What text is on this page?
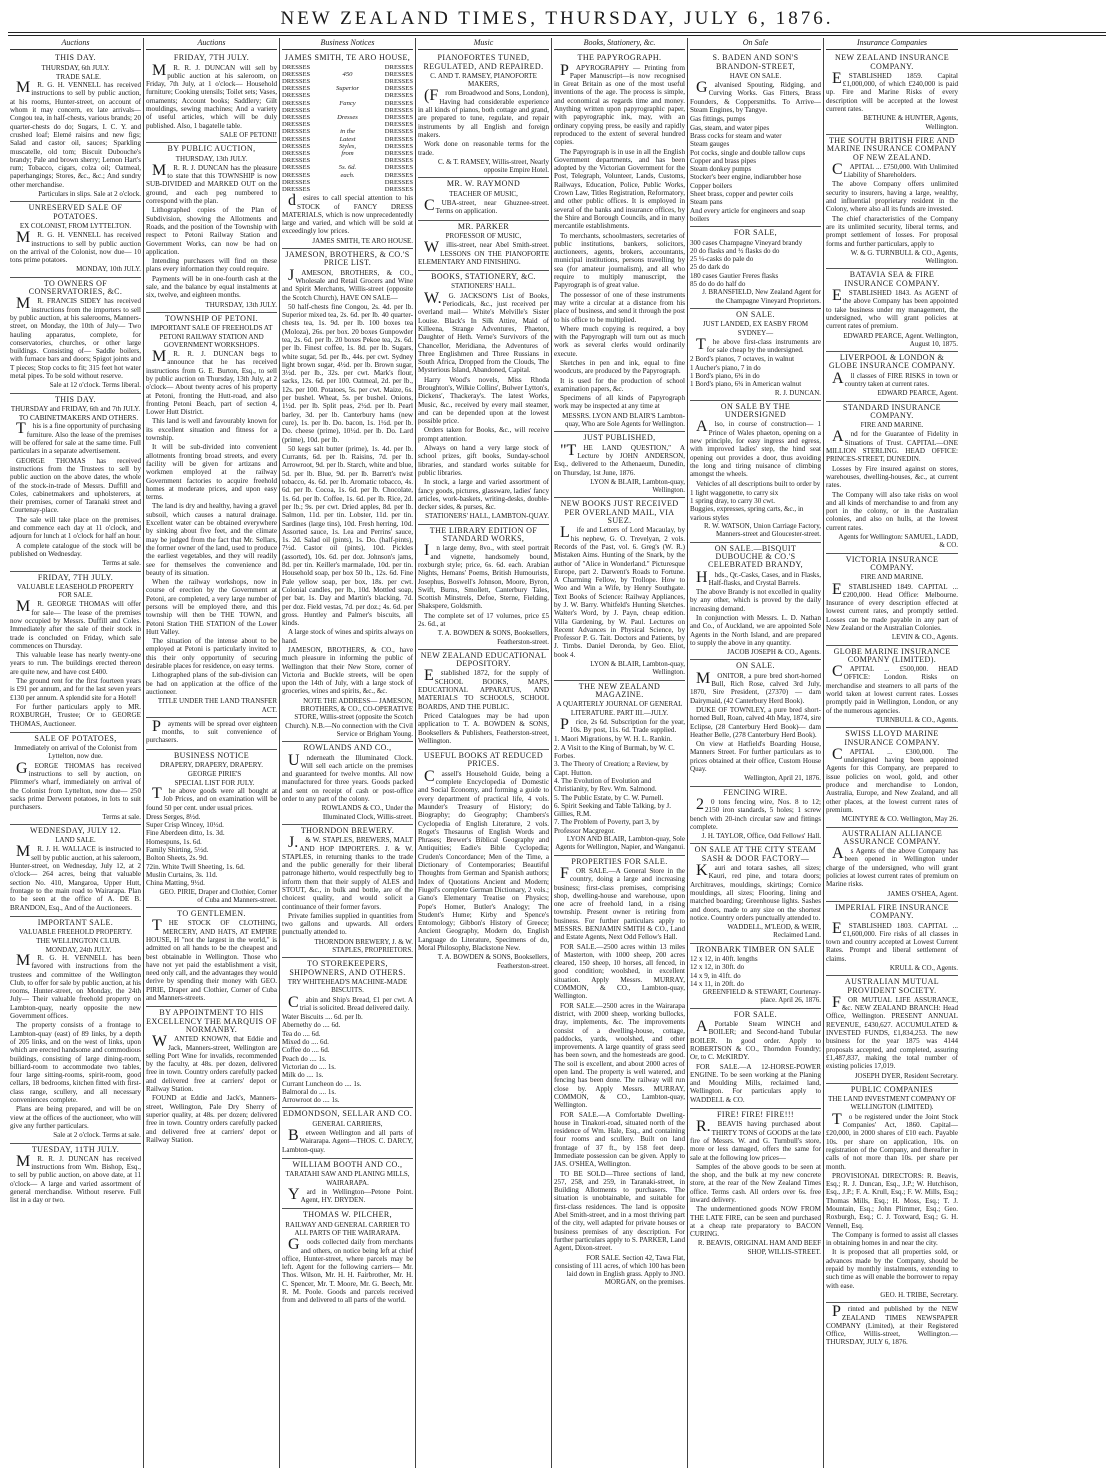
NEW ZEALAND TIMES, THURSDAY, JULY 6, 1876.
Auctions
THIS DAY.
THURSDAY, 6th JULY.

TRADE SALE.

MR. G. H. VENNELL has received instructions to sell by public auction, at his rooms, Hunter-street, on account of whom it may concern, ex late arrivals— Congou tea, in half-chests, various brands; 20 quarter-chests do do; Sugars, I. C. Y. and crushed loaf; Elemé raisins and new figs; Salad and castor oil, sauces; Sparkling muscatelle, old tom; Biscuit Dubouche's brandy; Pale and brown sherry; Lemon Hart's rum; Tobacco, cigars, colza oil; Oatmeal, paperhangings; Stores, &c., &c.; And sundry other merchandise.

Particulars in slips. Sale at 2 o'clock.

UNRESERVED SALE OF POTATOES.
EX COLONIST, FROM LYTTELTON.

MR. G. H. VENNELL has received instructions to sell by public auction on the arrival of the Colonist, now due— 10 tons prime potatoes.

MONDAY, 10th JULY.

TO OWNERS OF CONSERVATORIES, &C.

MR. FRANCIS SIDEY has received instructions from the importers to sell by public auction, at his salerooms, Manners-street, on Monday, the 10th of July— Two hauling apparatus, complete, for conservatories, churches, or other large buildings. Consisting of— Saddle boilers, with furnace bars and doors; Spigot joints and T pieces; Stop cocks to fit; 315 feet hot water metal pipes. To be sold without reserve.

Sale at 12 o'clock. Terms liberal.

THIS DAY.
THURSDAY and FRIDAY, 6th and 7th JULY.

TO CABINETMAKERS AND OTHERS.

This is a fine opportunity of purchasing furniture. Also the lease of the premises will be offered for sale at the same time. Full particulars in a separate advertisement.

GEORGE THOMAS has received instructions from the Trustees to sell by public auction on the above dates, the whole of the stock-in-trade of Messrs. Duffill and Coles, cabinetmakers and upholsterers, at their premises, corner of Taranaki street and Courtenay-place.

The sale will take place on the premises, and commence each day at 11 o'clock, and adjourn for lunch at 1 o'clock for half an hour.

A complete catalogue of the stock will be published on Wednesday.

Terms at sale.

FRIDAY, 7TH JULY.
VALUABLE LEASEHOLD PROPERTY FOR SALE.

MR. GEORGE THOMAS will offer for sale— The lease of the premises now occupied by Messrs. Duffill and Coles. Immediately after the sale of their stock in trade is concluded on Friday, which sale commences on Thursday.

This valuable lease has nearly twenty-one years to run. The buildings erected thereon are quite new, and have cost £400.

The ground rent for the first fourteen years is £91 per annum, and for the last seven years £130 per annum. A splendid site for a Hotel!

For further particulars apply to MR. ROXBURGH, Trustee; Or to GEORGE THOMAS, Auctioneer.

SALE OF POTATOES,
Immediately on arrival of the Colonist from Lyttelton, now due.

GEORGE THOMAS has received instructions to sell by auction, on Plimmer's wharf, immediately on arrival of the Colonist from Lyttelton, now due— 250 sacks prime Derwent potatoes, in lots to suit purchasers.

Terms at sale.

WEDNESDAY, JULY 12.
LAND SALE.

MR. J. H. WALLACE is instructed to sell by public auction, at his saleroom, Hunter-street, on Wednesday, July 12, at 2 o'clock— 264 acres, being that valuable section No. 410, Mangaroa, Upper Hutt, frontage to the main road to Wairarapa. Plan to be seen at the office of A. DE B. BRANDON, Esq., And of the Auctioneers.

IMPORTANT SALE.
VALUABLE FREEHOLD PROPERTY.

THE WELLINGTON CLUB.

MONDAY, 24th JULY.

MR. G. H. VENNELL has been favored with instructions from the trustees and committee of the Wellington Club, to offer for sale by public auction, at his rooms, Hunter-street, on Monday, the 24th July— Their valuable freehold property on Lambton-quay, nearly opposite the new Government offices.

The property consists of a frontage to Lambton-quay (east) of 89 links, by a depth of 205 links, and on the west of links, upon which are erected handsome and commodious buildings, consisting of large dining-room, billiard-room to accommodate two tables, four large sitting-rooms, spirit-room, good cellars, 18 bedrooms, kitchen fitted with first-class range, scullery, and all necessary conveniences complete.

Plans are being prepared, and will be on view at the offices of the auctioneer, who will give any further particulars.

Sale at 2 o'clock. Terms at sale.

TUESDAY, 11TH JULY.

MR. R. J. DUNCAN has received instructions from Wm. Bishop, Esq., to sell by public auction, on above date, at 11 o'clock— A large and varied assortment of general merchandise. Without reserve. Full list in a day or two.

Auctions
FRIDAY, 7TH JULY.

MR. R. J. DUNCAN will sell by public auction at his saleroom, on Friday, 7th July, at 1 o'clock— Household furniture; Cooking utensils; Toilet sets; Vases, ornaments; Account books; Saddlery; Gilt mouldings, sewing machines; And a variety of useful articles, which will be duly published. Also, 1 bagatelle table.

SALE OF PETONI!

BY PUBLIC AUCTION,
THURSDAY, 13th JULY.

MR. R. J. DUNCAN has the pleasure to state that this TOWNSHIP is now SUB-DIVIDED and MARKED OUT on the ground, and each peg numbered to correspond with the plan.

Lithographed copies of the Plan of Subdivision, showing the Allotments and Roads, and the position of the Township with respect to Petoni Railway Station and Government Works, can now be had on application.

Intending purchasers will find on these plans every information they could require.

Payments will be in one-fourth cash at the sale, and the balance by equal instalments at six, twelve, and eighteen months.

THURSDAY, 13th JULY.

TOWNSHIP OF PETONI.
IMPORTANT SALE OF FREEHOLDS AT PETONI RAILWAY STATION AND GOVERNMENT WORKSHOPS.

MR. R. J. DUNCAN begs to announce that he has received instructions from G. E. Burton, Esq., to sell by public auction on Thursday, 13th July, at 2 o'clock— About twenty acres of his property at Petoni, fronting the Hutt-road, and also fronting Petoni Beach, part of section 4, Lower Hutt District.

This land is well and favourably known for its excellent situation and fitness for a township.

It will be sub-divided into convenient allotments fronting broad streets, and every facility will be given for artizans and workmen employed at the railway Government factories to acquire freehold homes at moderate prices, and upon easy terms.

The land is dry and healthy, having a gravel subsoil, which causes a natural drainage. Excellent water can be obtained everywhere by sinking about five feet, and the climate may be judged from the fact that Mr. Sellars, the former owner of the land, used to produce the earliest vegetables, and they will readily see for themselves the convenience and beauty of its situation.

When the railway workshops, now in course of erection by the Government at Petoni, are completed, a very large number of persons will be employed there, and this township will then be THE TOWN, and Petoni Station THE STATION of the Lower Hutt Valley.

The situation of the intense about to be employed at Petoni is particularly invited to this their only opportunity of securing desirable places for residence, on easy terms.

Lithographed plans of the sub-division can be had on application at the office of the auctioneer.

TITLE UNDER THE LAND TRANSFER ACT.

Payments will be spread over eighteen months, to suit convenience of purchasers.

BUSINESS NOTICE
DRAPERY, DRAPERY, DRAPERY.

GEORGE PIRIE'S

SPECIAL LIST FOR JULY.

The above goods were all bought at Job Prices, and on examination will be found 50 per cent. under usual prices.

Dress Serges, 8½d.
Super Crisp Wincey, 10½d.
Fine Aberdeen ditto, 1s. 3d.
Homespuns, 1s. 6d.
Family Shirting, 5½d.
Bolton Sheets, 2s. 9d.
72in. White Twill Sheeting, 1s. 6d.
Muslin Curtains, 3s. 11d.
China Matting, 9½d.

GEO. PIRIE, Draper and Clothier, Corner of Cuba and Manners-street.

TO GENTLEMEN.

THE STOCK OF CLOTHING, MERCERY, AND HATS, AT EMPIRE HOUSE, H "not the largest in the world," is admitted on all hands to be the cheapest and best obtainable in Wellington. Those who have not yet paid the establishment a visit, need only call, and the advantages they would derive by spending their money with GEO. PIRIE, Draper and Clothier, Corner of Cuba and Manners-streets.

BY APPOINTMENT TO HIS EXCELLENCY THE MARQUIS OF NORMANBY.

WANTED KNOWN, that Eddie and Jack, Manners-street, Wellington are selling Port Wine for invalids, recommended by the faculty, at 48s. per dozen, delivered free in town. Country orders carefully packed and delivered free at carriers' depot or Railway Station.

FOUND at Eddie and Jack's, Manners-street, Wellington, Pale Dry Sherry of superior quality, at 48s. per dozen; delivered free in town. Country orders carefully packed and delivered free at carriers' depot or Railway Station.

Business Notices
JAMES SMITH, TE ARO HOUSE,
DRESSES	DRESSES
DRESSES	450	DRESSES
DRESSES	DRESSES
DRESSES	Superior	DRESSES
DRESSES	DRESSES
DRESSES	Fancy	DRESSES
DRESSES	DRESSES
DRESSES	Dresses	DRESSES
DRESSES	DRESSES
DRESSES	in the	DRESSES
DRESSES	Latest	DRESSES
DRESSES	Styles,	DRESSES
DRESSES	from	DRESSES
DRESSES	DRESSES
DRESSES	5s. 6d.	DRESSES
DRESSES	each.	DRESSES
DRESSES	DRESSES
DRESSES	DRESSES

desires to call special attention to his STOCK of FANCY DRESS MATERIALS, which is now unprecedentedly large and varied, and which will be sold at exceedingly low prices.

JAMES SMITH, TE ARO HOUSE.

JAMESON, BROTHERS, & CO.'S PRICE LIST.

JAMESON, BROTHERS, & CO., Wholesale and Retail Grocers and Wine and Spirit Merchants, Willis-street (opposite the Scotch Church), HAVE ON SALE—

50 half-chests fine Congou, 2s. 4d. per lb. Superior mixed tea, 2s. 6d. per lb. 40 quarter-chests tea, 1s. 9d. per lb. 100 boxes tea (Moloza), 26s. per box. 20 boxes Gunpowder tea, 2s. 6d. per lb. 20 boxes Pekoe tea, 2s. 6d. per lb. Finest coffee, 1s. 8d. per lb. Sugars, white sugar, 5d. per lb., 44s. per cwt. Sydney light brown sugar, 4½d. per lb. Brown sugar, 3½d. per lb., 32s. per cwt. Mark's flour, sacks, 12s. 6d. per 100. Oatmeal, 2d. per lb., 12s. per 100. Potatoes, 5s. per cwt. Maize, 6s. per bushel. Wheat, 5s. per bushel. Onions, 1½d. per lb. Split peas, 2½d. per lb. Pearl barley, 3d. per lb. Canterbury hams (new cure), 1s. per lb. Do. bacon, 1s. 1½d. per lb. Do. cheese (prime), 10½d. per lb. Do. Lard (prime), 10d. per lb.

50 kegs salt butter (prime), 1s. 4d. per lb. Currants, 6d. per lb. Raisins, 7d. per lb. Arrowroot, 9d. per lb. Starch, white and blue, 5d. per lb. Blue, 9d. per lb. Barrett's twist tobacco, 4s. 6d. per lb. Aromatic tobacco, 4s. 6d. per lb. Cocoa, 1s. 6d. per lb. Chocolate, 1s. 6d. per lb. Coffee, 1s. 6d. per lb. Rice, 2d. per lb.; 9s. per cwt. Dried apples, 8d. per lb. Salmon, 11d. per tin. Lobster, 11d. per tin. Sardines (large tins), 10d. Fresh herring, 10d. Assorted sauce, 1s. Lea and Perrins' sauce, 1s. 2d. Salad oil (pints), 1s. Do. (half-pints), 7½d. Castor oil (pints), 10d. Pickles (assorted), 10s. 6d. per doz. Johnson's jams, 8d. per tin. Keiller's marmalade, 10d. per tin. Household soap, per box 50 lb., 12s. 6d. Fine Pale yellow soap, per box, 18s. per cwt. Colonial candles, per lb., 10d. Mottled soap, per bar, 1s. Day and Martin's blacking, 7d. per doz. Field vestas, 7d. per doz.; 4s. 6d. per gross. Huntley and Palmer's biscuits, all kinds.

A large stock of wines and spirits always on hand.

JAMESON, BROTHERS, & CO., have much pleasure in informing the public of Wellington that their New Store, corner of Victoria and Buckle streets, will be open upon the 14th of July, with a large stock of groceries, wines and spirits, &c., &c.

NOTE THE ADDRESS— JAMESON, BROTHERS, & CO., CO-OPERATIVE STORE, Willis-street (opposite the Scotch Church). N.B.—No connection with the Civil Service or Brigham Young.

ROWLANDS AND CO.,

Underneath the Illuminated Clock. Will sell each article on the premises and guaranteed for twelve months. All now manufactured for three years. Goods packed and sent on receipt of cash or post-office order to any part of the colony.

ROWLANDS & CO., Under the Illuminated Clock, Willis-street.

THORNDON BREWERY.

J.& W. STAPLES, BREWERS, MALT AND HOP IMPORTERS. J. & W. STAPLES, in returning thanks to the trade and the public generally for their liberal patronage hitherto, would respectfully beg to inform them that their supply of ALES and STOUT, &c., in bulk and bottle, are of the choicest quality, and would solicit a continuance of their former favors.

Private families supplied in quantities from two gallons and upwards. All orders punctually attended to.

THORNDON BREWERY, J. & W. STAPLES, PROPRIETORS.

TO STOREKEEPERS, SHIPOWNERS, AND OTHERS.
TRY WHITEHEAD'S MACHINE-MADE BISCUITS.

Cabin and Ship's Bread, £1 per cwt. A trial is solicited. Bread delivered daily.

Water Biscuits .... 6d. per lb.
Abernethy do .... 6d.
Tea do .... 6d.
Mixed do .... 6d.
Coffee do .... 6d.
Peach do .... 1s.
Victorian do .... 1s.
Milk do .... 1s.
Currant Luncheon do .... 1s.
Balmoral do .... 1s.
Arrowroot do .... 1s.
EDMONDSON, SELLAR AND CO.
GENERAL CARRIERS,

Between Wellington and all parts of Wairarapa. Agent—THOS. C. DARCY, Lambton-quay.

WILLIAM BOOTH AND CO.,
TARATAHI SAW AND PLANING MILLS, WAIRARAPA.

Yard in Wellington—Petone Point. Agent, HY. DRYDEN.

THOMAS W. PILCHER,
RAILWAY AND GENERAL CARRIER TO ALL PARTS OF THE WAIRARAPA.

Goods collected daily from merchants and others, on notice being left at chief office, Hunter-street, where parcels may be left. Agent for the following carriers— Mr. Thos. Wilson, Mr. H. H. Fairbrother, Mr. H. C. Spencer, Mr. T. Moore, Mr. G. Beech, Mr. R. M. Poole. Goods and parcels received from and delivered to all parts of the world.

Music
PIANOFORTES TUNED, REGULATED, AND REPAIRED.
C. AND T. RAMSEY, PIANOFORTE MAKERS,

(From Broadwood and Sons, London), Having had considerable experience in all kinds of pianos, both cottage and grand, are prepared to tune, regulate, and repair instruments by all English and foreign makers.

Work done on reasonable terms for the trade.

C. & T. RAMSEY, Willis-street, Nearly opposite Empire Hotel.

MR. W. RAYMOND
TEACHER OF MUSIC,

CUBA-street, near Ghuznee-street. Terms on application.

MR. PARKER
PROFESSOR OF MUSIC,

Willis-street, near Abel Smith-street. LESSONS ON THE PIANOFORTE ELEMENTARY AND FINISHING.

BOOKS, STATIONERY, &C.
STATIONERS' HALL.

W.G. JACKSON'S List of Books, Periodicals, &c., just received per overland mail— White's Melville's Sister Louise. Black's In Silk Attire, Maid of Killeena, Strange Adventures, Phaeton, Daughter of Heth. Verne's Survivors of the Chancellor, Meridiana, the Adventures of Three Englishmen and Three Russians in South Africa, Dropped from the Clouds, The Mysterious Island, Abandoned, Capital.

Harry Wood's novels, Miss Rhoda Broughton's, Wilkie Collins', Bulwer Lytton's, Dickens', Thackeray's. The latest Works, Music, &c., received by every mail steamer, and can be depended upon at the lowest possible price.

Orders taken for Books, &c., will receive prompt attention.

Always on hand a very large stock of school prizes, gift books, Sunday-school libraries, and standard works suitable for public libraries.

In stock, a large and varied assortment of fancy goods, pictures, glassware, ladies' fancy articles, work-baskets, writing-desks, double-decker sides, & purses, &c.

STATIONERS' HALL, LAMBTON-QUAY.

THE LIBRARY EDITION OF STANDARD WORKS,

In large demy, 8vo., with steel portrait and vignette, handsomely bound, roxburgh style; price, 6s. 6d. each. Arabian Nights, Hemans' Poems, British Humourists, Josephus, Boswell's Johnson, Moore, Byron, Swift, Burns, Smollett, Canterbury Tales, Scottish Minstrels, Defoe, Sterne, Fielding, Shakspere, Goldsmith.

The complete set of 17 volumes, price £5 2s. 6d., at

T. A. BOWDEN & SONS, Booksellers, Featherston-street.

NEW ZEALAND EDUCATIONAL DEPOSITORY.

Established 1872, for the supply of SCHOOL BOOKS, MAPS, EDUCATIONAL APPARATUS, AND MATERIALS TO SCHOOLS, SCHOOL BOARDS, AND THE PUBLIC.

Priced Catalogues may be had upon application to T. A. BOWDEN & SONS, Booksellers & Publishers, Featherston-street, Wellington.

USEFUL BOOKS AT REDUCED PRICES.

Cassell's Household Guide, being a complete Encyclopedia of Domestic and Social Economy, and forming a guide to every department of practical life, 4 vols. Maunder's Treasury of History; do Biography; do Geography; Chambers's Cyclopedia of English Literature, 2 vols. Roget's Thesaurus of English Words and Phrases; Brewer's Biblical Geography and Antiquities; Eadie's Bible Cyclopedia; Cruden's Concordance; Men of the Time, a Dictionary of Contemporaries; Beautiful Thoughts from German and Spanish authors; Index of Quotations Ancient and Modern; Fiugel's complete German Dictionary, 2 vols.; Gano's Elementary Treatise on Physics; Pope's Homer, Butler's Analogy; The Student's Hume; Kirby and Spence's Entomology; Gibbon's History of Greece; Ancient Geography, Modern do, English Language do Literature, Specimens of do, Moral Philosophy, Blackstone New.

T. A. BOWDEN & SONS, Booksellers, Featherston-street.

Books, Stationery, &c.
THE PAPYROGRAPH.

PAPYROGRAPHY — Printing from Paper Manuscript—is now recognised in Great Britain as one of the most useful inventions of the age. The process is simple, and economical as regards time and money. Anything written upon papyrographic paper, with papyrographic ink, may, with an ordinary copying press, be easily and rapidly reproduced to the extent of several hundred copies.

The Papyrograph is in use in all the English Government departments, and has been adopted by the Victorian Government for the Post, Telegraph, Volunteer, Lands, Customs, Railways, Education, Police, Public Works, Crown Law, Titles Registration, Reformatory, and other public offices. It is employed in several of the banks and insurance offices, by the Shire and Borough Councils, and in many mercantile establishments.

To merchants, schoolmasters, secretaries of public institutions, bankers, solicitors, auctioneers, agents, brokers, accountants, municipal institutions, persons travelling by sea (for amateur journalism), and all who require to multiply manuscript, the Papyrograph is of great value.

The possessor of one of these instruments may write a circular at a distance from his place of business, and send it through the post to his office to be multiplied.

Where much copying is required, a boy with the Papyrograph will turn out as much work as several clerks would ordinarily execute.

Sketches in pen and ink, equal to fine woodcuts, are produced by the Papyrograph.

It is used for the production of school examination papers, &c.

Specimens of all kinds of Papyrograph work may be inspected at any time at

MESSRS. LYON AND BLAIR'S Lambton-quay, Who are Sole Agents for Wellington.

JUST PUBLISHED,

"THE LAND QUESTION," A Lecture by JOHN ANDERSON, Esq., delivered to the Athenaeum, Dunedin, on Thursday, 1st June, 1876.

LYON & BLAIR, Lambton-quay, Wellington.

NEW BOOKS JUST RECEIVED PER OVERLAND MAIL, VIA SUEZ.

Life and Letters of Lord Macaulay, by his nephew, G. O. Trevelyan, 2 vols. Records of the Past, vol. 6. Greg's (W. R.) Mistaken Aims. Hunting of the Snark, by the author of "Alice in Wonderland." Picturesque Europe, part 2. Darwent's Roads to Fortune. A Charming Fellow, by Trollope. How to Woo and Win a Wife, by Henry Southgate. Text Books of Science: Railway Appliances, by J. W. Barry. Whitfeld's Hunting Sketches. Walter's Word, by J. Payn, cheap edition. Villa Gardening, by W. Paul. Lectures on Recent Advances in Physical Science, by Professor P. G. Tait. Doctors and Patients, by J. Timbs. Daniel Deronda, by Geo. Eliot, book 4.

LYON & BLAIR, Lambton-quay, Wellington.

THE NEW ZEALAND MAGAZINE.
A QUARTERLY JOURNAL OF GENERAL LITERATURE. PART III.—JULY.

Price, 2s 6d. Subscription for the year, 10s. By post, 11s. 6d. Trade supplied.

1. Maori Migrations, by W. H. L. Rankin.
2. A Visit to the King of Burmah, by W. C. Forbes.
3. The Theory of Creation; a Review, by Capt. Hutton.
4. The Evolution of Evolution and Christianity, by Rev. Wm. Salmond.
5. The Public Estate, by C. W. Purnell.
6. Spirit Seeking and Table Talking, by J. Gillies, R.M.
7. The Problem of Poverty, part 3, by Professor Macgregor.

LYON AND BLAIR, Lambton-quay, Sole Agents for Wellington, Napier, and Wanganui.

PROPERTIES FOR SALE.

FOR SALE.—A General Store in the country, doing a large and increasing business; first-class premises, comprising shop, dwelling-house and warehouse, upon one acre of freehold land, in a rising township. Present owner is retiring from business. For further particulars apply to MESSRS. BENJAMIN SMITH & CO., Land and Estate Agents, Next Odd Fellow's Hall.

FOR SALE.—2500 acres within 13 miles of Masterton, with 1000 sheep, 200 acres cleared, 150 sheep, 10 horses, all fenced, in good condition; woolshed, in excellent situation. Apply Messrs. MURRAY, COMMON, & CO., Lambton-quay, Wellington.

FOR SALE.—2500 acres in the Wairarapa district, with 2000 sheep, working bullocks, dray, implements, &c. The improvements consist of a dwelling-house, cottage, paddocks, yards, woolshed, and other improvements. A large quantity of grass seed has been sown, and the homesteads are good. The soil is excellent, and about 2000 acres of open land. The property is well watered, and fencing has been done. The railway will run close by. Apply Messrs. MURRAY, COMMON, & CO., Lambton-quay, Wellington.

FOR SALE.—A Comfortable Dwelling-house in Tinakori-road, situated north of the residence of Wm. Hale, Esq., and containing four rooms and scullery. Built on land frontage of 37 ft., by 158 feet deep. Immediate possession can be given. Apply to JAS. O'SHEA, Wellington.

TO BE SOLD—Three sections of land, 257, 258, and 259, in Taranaki-street, in Building Allotments to purchasers. The situation is unobtainable, and suitable for first-class residences. The land is opposite Abel Smith-street, and in a most thriving part of the city, well adapted for private houses or business premises of any description. For further particulars apply to S. PARKER, Land Agent, Dixon-street.

FOR SALE. Section 42, Tawa Flat, consisting of 111 acres, of which 100 has been laid down in English grass. Apply to JNO. MORGAN, on the premises.

On Sale
S. BADEN AND SON'S BRANDON-STREET,
HAVE ON SALE.

Galvanised Spouting, Ridging, and Curving Works. Gas Fitters, Brass Founders, & Coppersmiths. To Arrive—Steam Engines, by Tangye.

Gas fittings, pumps
Gas, steam, and water pipes
Brass cocks for steam and water
Steam gauges
Pot cocks, single and double tallow cups
Copper and brass pipes
Steam donkey pumps
Stocker's beer engine, indiarubber hose
Copper boilers
Sheet brass, copper and pewter coils
Steam pans
And every article for engineers and soap boilers
FOR SALE,
300 cases Champagne Vineyard brandy
20 do flasks and ½ flasks do do
25 ¼-casks do pale do
25 do dark do
180 cases Gautier Freres flasks
85 do do do half do

J. BRANSFIELD, New Zealand Agent for the Champagne Vineyard Proprietors.

ON SALE.
JUST LANDED, EX EASBY FROM SYDNEY—

The above first-class instruments are for sale cheap by the undersigned.

2 Bord's pianos, 7 octaves, in walnut
1 Aucher's piano, 7 in do
1 Bord's piano, 6¾ in do
1 Bord's piano, 6¾ in American walnut

R. J. DUNCAN.

ON SALE BY THE UNDERSIGNED

Also, in course of construction— 1 Prince of Wales phaeton, opening on a new principle, for easy ingress and egress, with improved ladies' step, the hind seat opening out provides a door, thus avoiding the long and tiring nuisance of climbing amongst the wheels.

Vehicles of all descriptions built to order by

1 light waggonette, to carry six
1 spring dray, to carry 30 cwt.
Buggies, expresses, spring carts, &c., in various styles

R. W. WATSON, Union Carriage Factory, Manners-street and Gloucester-street.

ON SALE.—BISQUIT DUBOUCHE & CO.'S CELEBRATED BRANDY,

Hhds., Qr.-Casks, Cases, and in Flasks, Half-flasks, and Crystal Barrels.

The above Brandy is not excelled in quality by any other, which is proved by the daily increasing demand.

In conjunction with Messrs. L. D. Nathan and Co., of Auckland, we are appointed Sole Agents in the North Island, and are prepared to supply the above in any quantity.

JACOB JOSEPH & CO., Agents.

ON SALE.

MONITOR, a pure bred short-horned Bull, Rich Rose, calved 3rd July, 1870, Sire President, (27370) — dam Dairymaid, (42 Canterbury Herd Book).

DUKE OF TOWNLEY, a pure bred short-horned Bull, Roan, calved 4th May, 1874, sire Eclipse, (28 Canterbury Herd Book)— dam Heather Belle, (278 Canterbury Herd Book).

On view at Hatfield's Boarding House, Manners Street. For further particulars as to prices obtained at their office, Custom House Quay.

Wellington, April 21, 1876.

FENCING WIRE.

20 tons fencing wire, Nos. 8 to 12; 2150 iron standards, 5 holes; 1 screw bench with 20-inch circular saw and fittings complete.

J. H. TAYLOR, Office, Odd Fellows' Hall.

ON SALE AT THE CITY STEAM SASH & DOOR FACTORY—

Kauri and totara sashes, all sizes; Kauri, red pine, and totara doors; Architraves, mouldings, skirtings; Cornice mouldings, all sizes; Flooring, lining and matched boarding; Greenhouse lights. Sashes and doors, made to any size on the shortest notice. Country orders punctually attended to.

WADDELL, M'LEOD, & WEIR, Reclaimed Land.

IRONBARK TIMBER ON SALE
12 x 12, in 40ft. lengths
12 x 12, in 30ft. do
14 x 9, in 41ft. do
14 x 11, in 20ft. do

GREENFIELD & STEWART, Courtenay-place. April 26, 1876.

FOR SALE.

APortable Steam WINCH and BOILER; and Second-hand Tubular BOILER. In good order. Apply to ROBERTSON & CO., Thorndon Foundry; Or, to C. McKIRDY.

FOR SALE.—A 12-HORSE-POWER ENGINE. To be seen working at the Planing and Moulding Mills, reclaimed land, Wellington. For particulars apply to WADDELL & CO.

FIRE! FIRE! FIRE!!!

R.BEAVIS having purchased about THIRTY TONS of GOODS at the late fire of Messrs. W. and G. Turnbull's store, more or less damaged, offers the same for sale at the following low prices—

Samples of the above goods to be seen at the shop, and the bulk at my new concrete store, at the rear of the New Zealand Times office. Terms cash. All orders over 6s. free inward delivery.

The undermentioned goods NOW FROM THE LATE FIRE, can be seen and purchased at a cheap rate preparatory to BACON CURING.

R. BEAVIS, ORIGINAL HAM AND BEEF SHOP, WILLIS-STREET.

Insurance Companies
NEW ZEALAND INSURANCE COMPANY.

ESTABLISHED 1859. Capital £1,000,000, of which £240,000 is paid up. Fire and Marine Risks of every description will be accepted at the lowest current rates.

BETHUNE & HUNTER, Agents, Wellington.

THE SOUTH BRITISH FIRE AND MARINE INSURANCE COMPANY OF NEW ZEALAND.

CAPITAL ... £750,000. With Unlimited Liability of Shareholders.

The above Company offers unlimited security to insurers, having a large, wealthy, and influential proprietary resident in the Colony, where also all its funds are invested.

The chief characteristics of the Company are its unlimited security, liberal terms, and prompt settlement of losses. For proposal forms and further particulars, apply to

W. & G. TURNBULL & CO., Agents, Wellington.

BATAVIA SEA & FIRE INSURANCE COMPANY.

ESTABLISHED 1843. As AGENT of the above Company has been appointed to take business under my management, the undersigned, who will grant policies at current rates of premium.

EDWARD PEARCE, Agent. Wellington, August 10, 1875.

LIVERPOOL & LONDON & GLOBE INSURANCE COMPANY.

All classes of FIRE RISKS in town or country taken at current rates.

EDWARD PEARCE, Agent.

STANDARD INSURANCE COMPANY.
FIRE AND MARINE.

And for the Guarantee of Fidelity in Situations of Trust. CAPITAL—ONE MILLION STERLING. HEAD OFFICE: PRINCES-STREET, DUNEDIN.

Losses by Fire insured against on stores, warehouses, dwelling-houses, &c., at current rates.

The Company will also take risks on wool and all kinds of merchandise to and from any port in the colony, or in the Australian colonies, and also on hulls, at the lowest current rates.

Agents for Wellington: SAMUEL, LADD, & CO.

VICTORIA INSURANCE COMPANY.
FIRE AND MARINE.

ESTABLISHED 1849. CAPITAL ... £200,000. Head Office: Melbourne. Insurance of every description effected at lowest current rates, and promptly settled. Losses can be made payable in any part of New Zealand or the Australian Colonies.

LEVIN & CO., Agents.

GLOBE MARINE INSURANCE COMPANY (LIMITED).

CAPITAL ... £500,000. HEAD OFFICE: London. Risks on merchandise and steamers to all parts of the world taken at lowest current rates. Losses promptly paid in Wellington, London, or any of the numerous agencies.

TURNBULL & CO., Agents.

SWISS LLOYD MARINE INSURANCE COMPANY.

CAPITAL ... £300,000. The undersigned having been appointed Agents for this Company, are prepared to issue policies on wool, gold, and other produce and merchandise to London, Australia, Europe, and New Zealand, and all other places, at the lowest current rates of premium.

MCINTYRE & CO. Wellington, May 26.

AUSTRALIAN ALLIANCE ASSURANCE COMPANY.

As Agents of the above Company has been opened in Wellington under charge of the undersigned, who will grant policies at lowest current rates of premium on Marine risks.

JAMES O'SHEA, Agent.

IMPERIAL FIRE INSURANCE COMPANY.

ESTABLISHED 1803. CAPITAL ... £1,600,000. Fire risks of all classes in town and country accepted at Lowest Current Rates. Prompt and liberal settlement of claims.

KRULL & CO., Agents.

AUSTRALIAN MUTUAL PROVIDENT SOCIETY.

FOR MUTUAL LIFE ASSURANCE, &c. NEW ZEALAND BRANCH: Head Office, Wellington. PRESENT ANNUAL REVENUE, £430,627. ACCUMULATED & INVESTED FUNDS, £1,834,253. The new business for the year 1875 was 4144 proposals accepted, and completed, assuring £1,487,837, making the total number of existing policies 17,019.

JOSEPH DYER, Resident Secretary.

PUBLIC COMPANIES
THE LAND INVESTMENT COMPANY OF WELLINGTON (LIMITED).

To be registered under the Joint Stock Companies' Act, 1860. Capital—£20,000, in 2000 shares of £10 each. Payable 10s. per share on application, 10s. on registration of the Company, and thereafter in calls of not more than 10s. per share per month.

PROVISIONAL DIRECTORS: R. Beavis, Esq.; R. J. Duncan, Esq., J.P.; W. Hutchison, Esq., J.P.; F. A. Krull, Esq.; F. W. Mills, Esq.; Thomas Mills, Esq.; H. Moss, Esq.; T. J. Mountain, Esq.; John Plimmer, Esq.; Geo. Roxburgh, Esq.; C. J. Toxward, Esq.; G. H. Vennell, Esq.

The Company is formed to assist all classes in obtaining homes in and near the city.

It is proposed that all properties sold, or advances made by the Company, should be repaid by monthly instalments, extending to such time as will enable the borrower to repay with ease.

GEO. H. TRIBE, Secretary.

Printed and published by the NEW ZEALAND TIMES NEWSPAPER COMPANY (Limited), at their Registered Office, Willis-street, Wellington.—THURSDAY, JULY 6, 1876.
